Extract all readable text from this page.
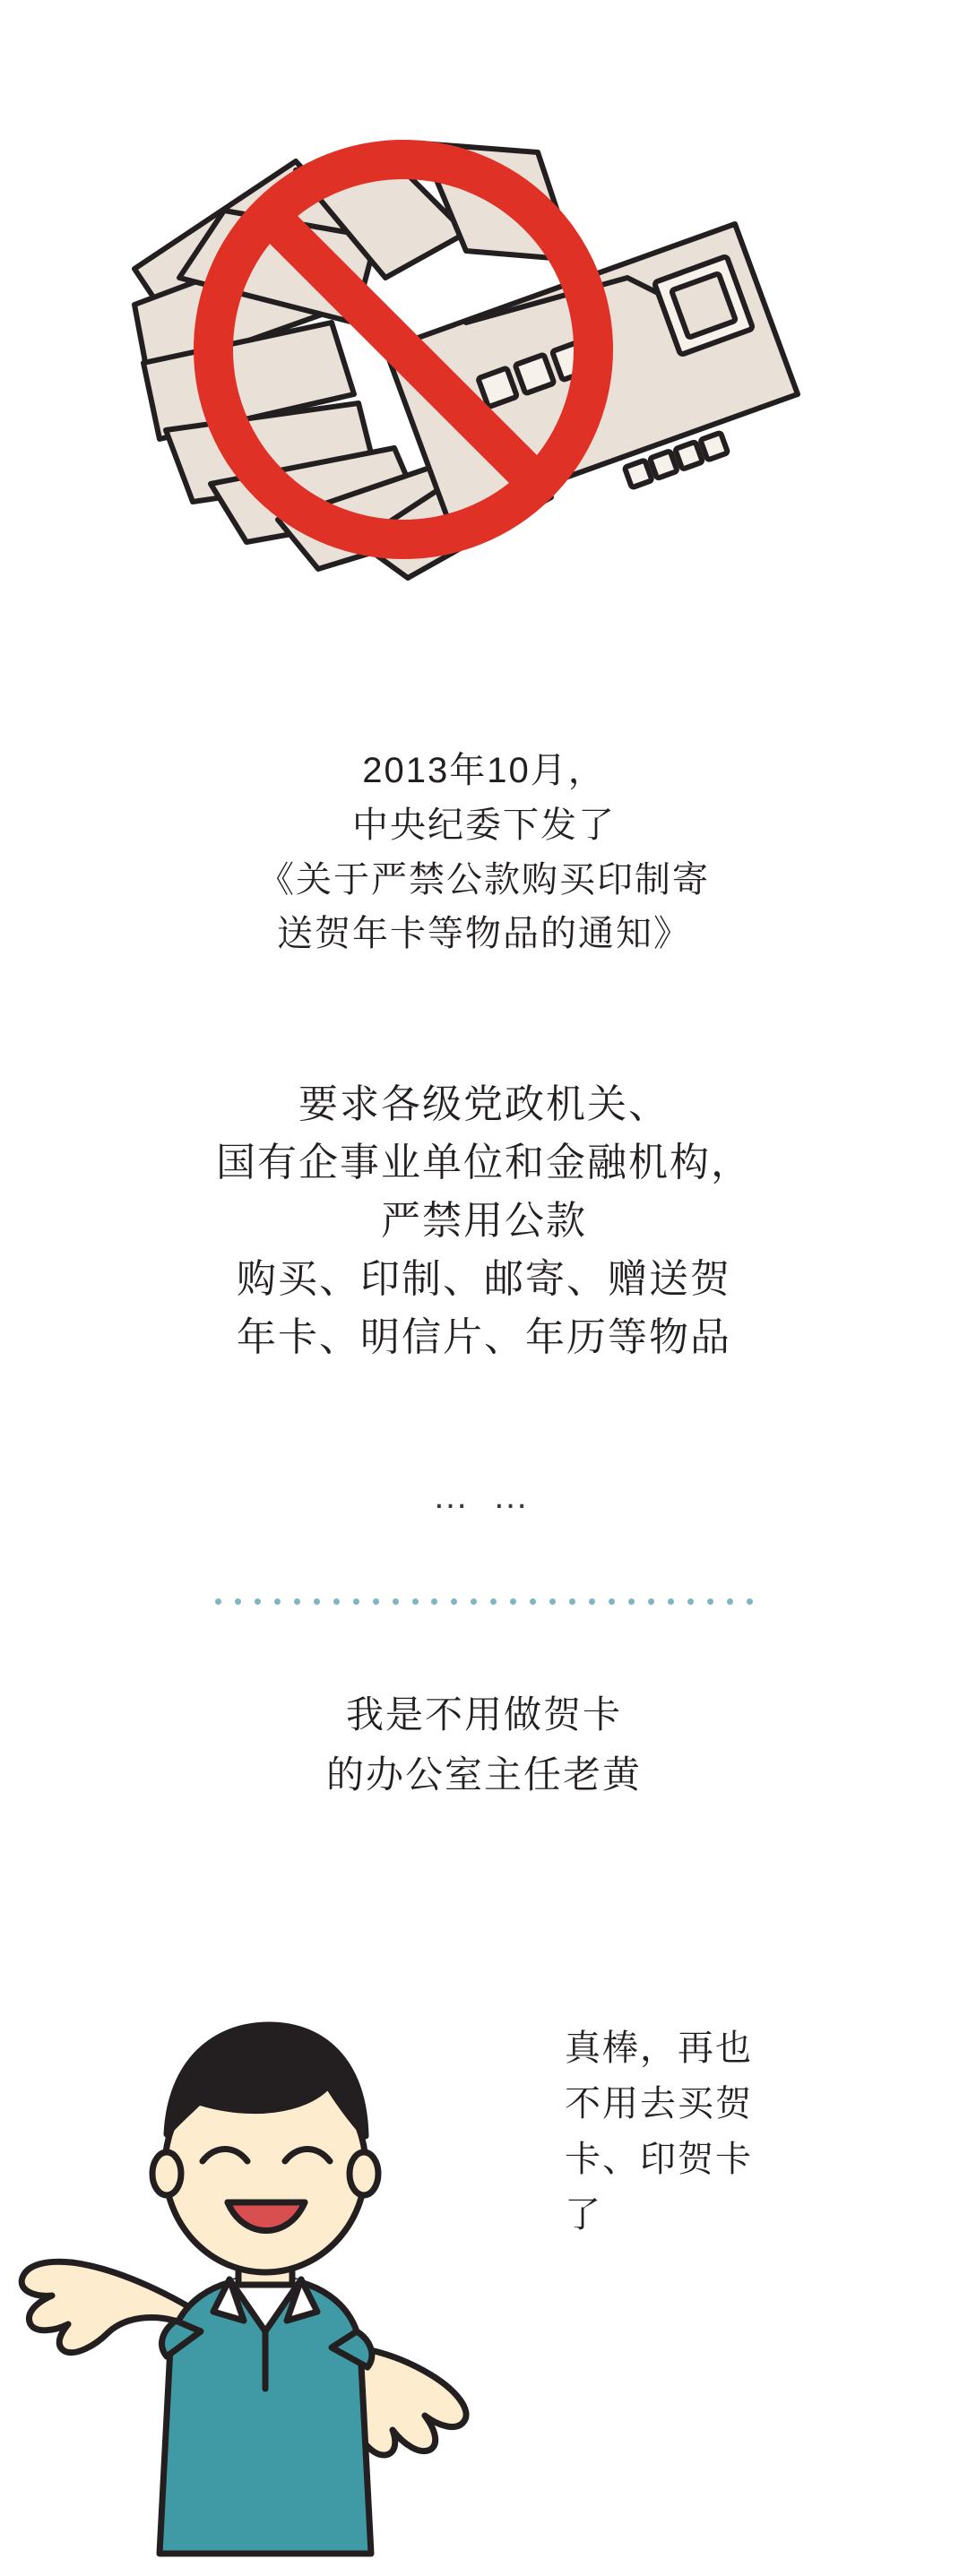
2013年10月，
中央纪委下发了
《关于严禁公款购买印制寄
送贺年卡等物品的通知》
要求各级党政机关、
国有企事业单位和金融机构，
严禁用公款
购买、印制、邮寄、赠送贺
年卡、明信片、年历等物品
… …
我是不用做贺卡
的办公室主任老黄
真棒，再也
不用去买贺
卡、印贺卡
了
